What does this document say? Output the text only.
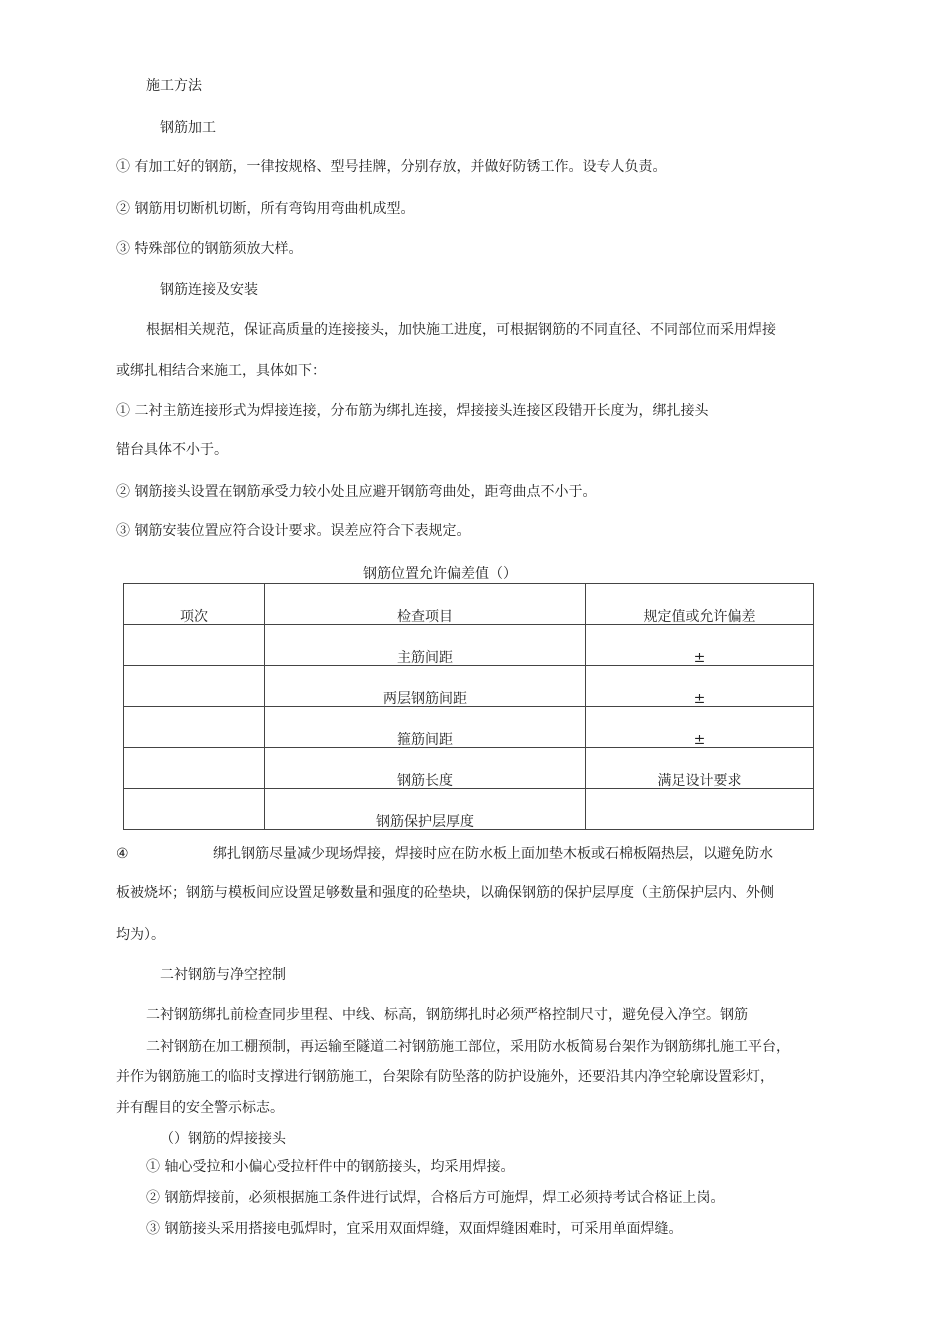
施工方法
钢筋加工
① 有加工好的钢筋，一律按规格、型号挂牌，分别存放，并做好防锈工作。设专人负责。
② 钢筋用切断机切断，所有弯钩用弯曲机成型。
③ 特殊部位的钢筋须放大样。
钢筋连接及安装
根据相关规范，保证高质量的连接接头，加快施工进度，可根据钢筋的不同直径、不同部位而采用焊接
或绑扎相结合来施工，具体如下：
① 二衬主筋连接形式为焊接连接，分布筋为绑扎连接，焊接接头连接区段错开长度为，绑扎接头
错台具体不小于。
② 钢筋接头设置在钢筋承受力较小处且应避开钢筋弯曲处，距弯曲点不小于。
③ 钢筋安装位置应符合设计要求。误差应符合下表规定。
钢筋位置允许偏差值（）
项次	检查项目	规定值或允许偏差
	主筋间距	±
	两层钢筋间距	±
	箍筋间距	±
	钢筋长度	满足设计要求
	钢筋保护层厚度	
④	绑扎钢筋尽量减少现场焊接，焊接时应在防水板上面加垫木板或石棉板隔热层，以避免防水
板被烧坏；钢筋与模板间应设置足够数量和强度的砼垫块，以确保钢筋的保护层厚度（主筋保护层内、外侧
均为）。
二衬钢筋与净空控制
二衬钢筋绑扎前检查同步里程、中线、标高，钢筋绑扎时必须严格控制尺寸，避免侵入净空。钢筋
二衬钢筋在加工棚预制，再运输至隧道二衬钢筋施工部位，采用防水板简易台架作为钢筋绑扎施工平台，
并作为钢筋施工的临时支撑进行钢筋施工，台架除有防坠落的防护设施外，还要沿其内净空轮廓设置彩灯，
并有醒目的安全警示标志。
（）钢筋的焊接接头
① 轴心受拉和小偏心受拉杆件中的钢筋接头，均采用焊接。
② 钢筋焊接前，必须根据施工条件进行试焊，合格后方可施焊，焊工必须持考试合格证上岗。
③ 钢筋接头采用搭接电弧焊时，宜采用双面焊缝，双面焊缝困难时，可采用单面焊缝。
